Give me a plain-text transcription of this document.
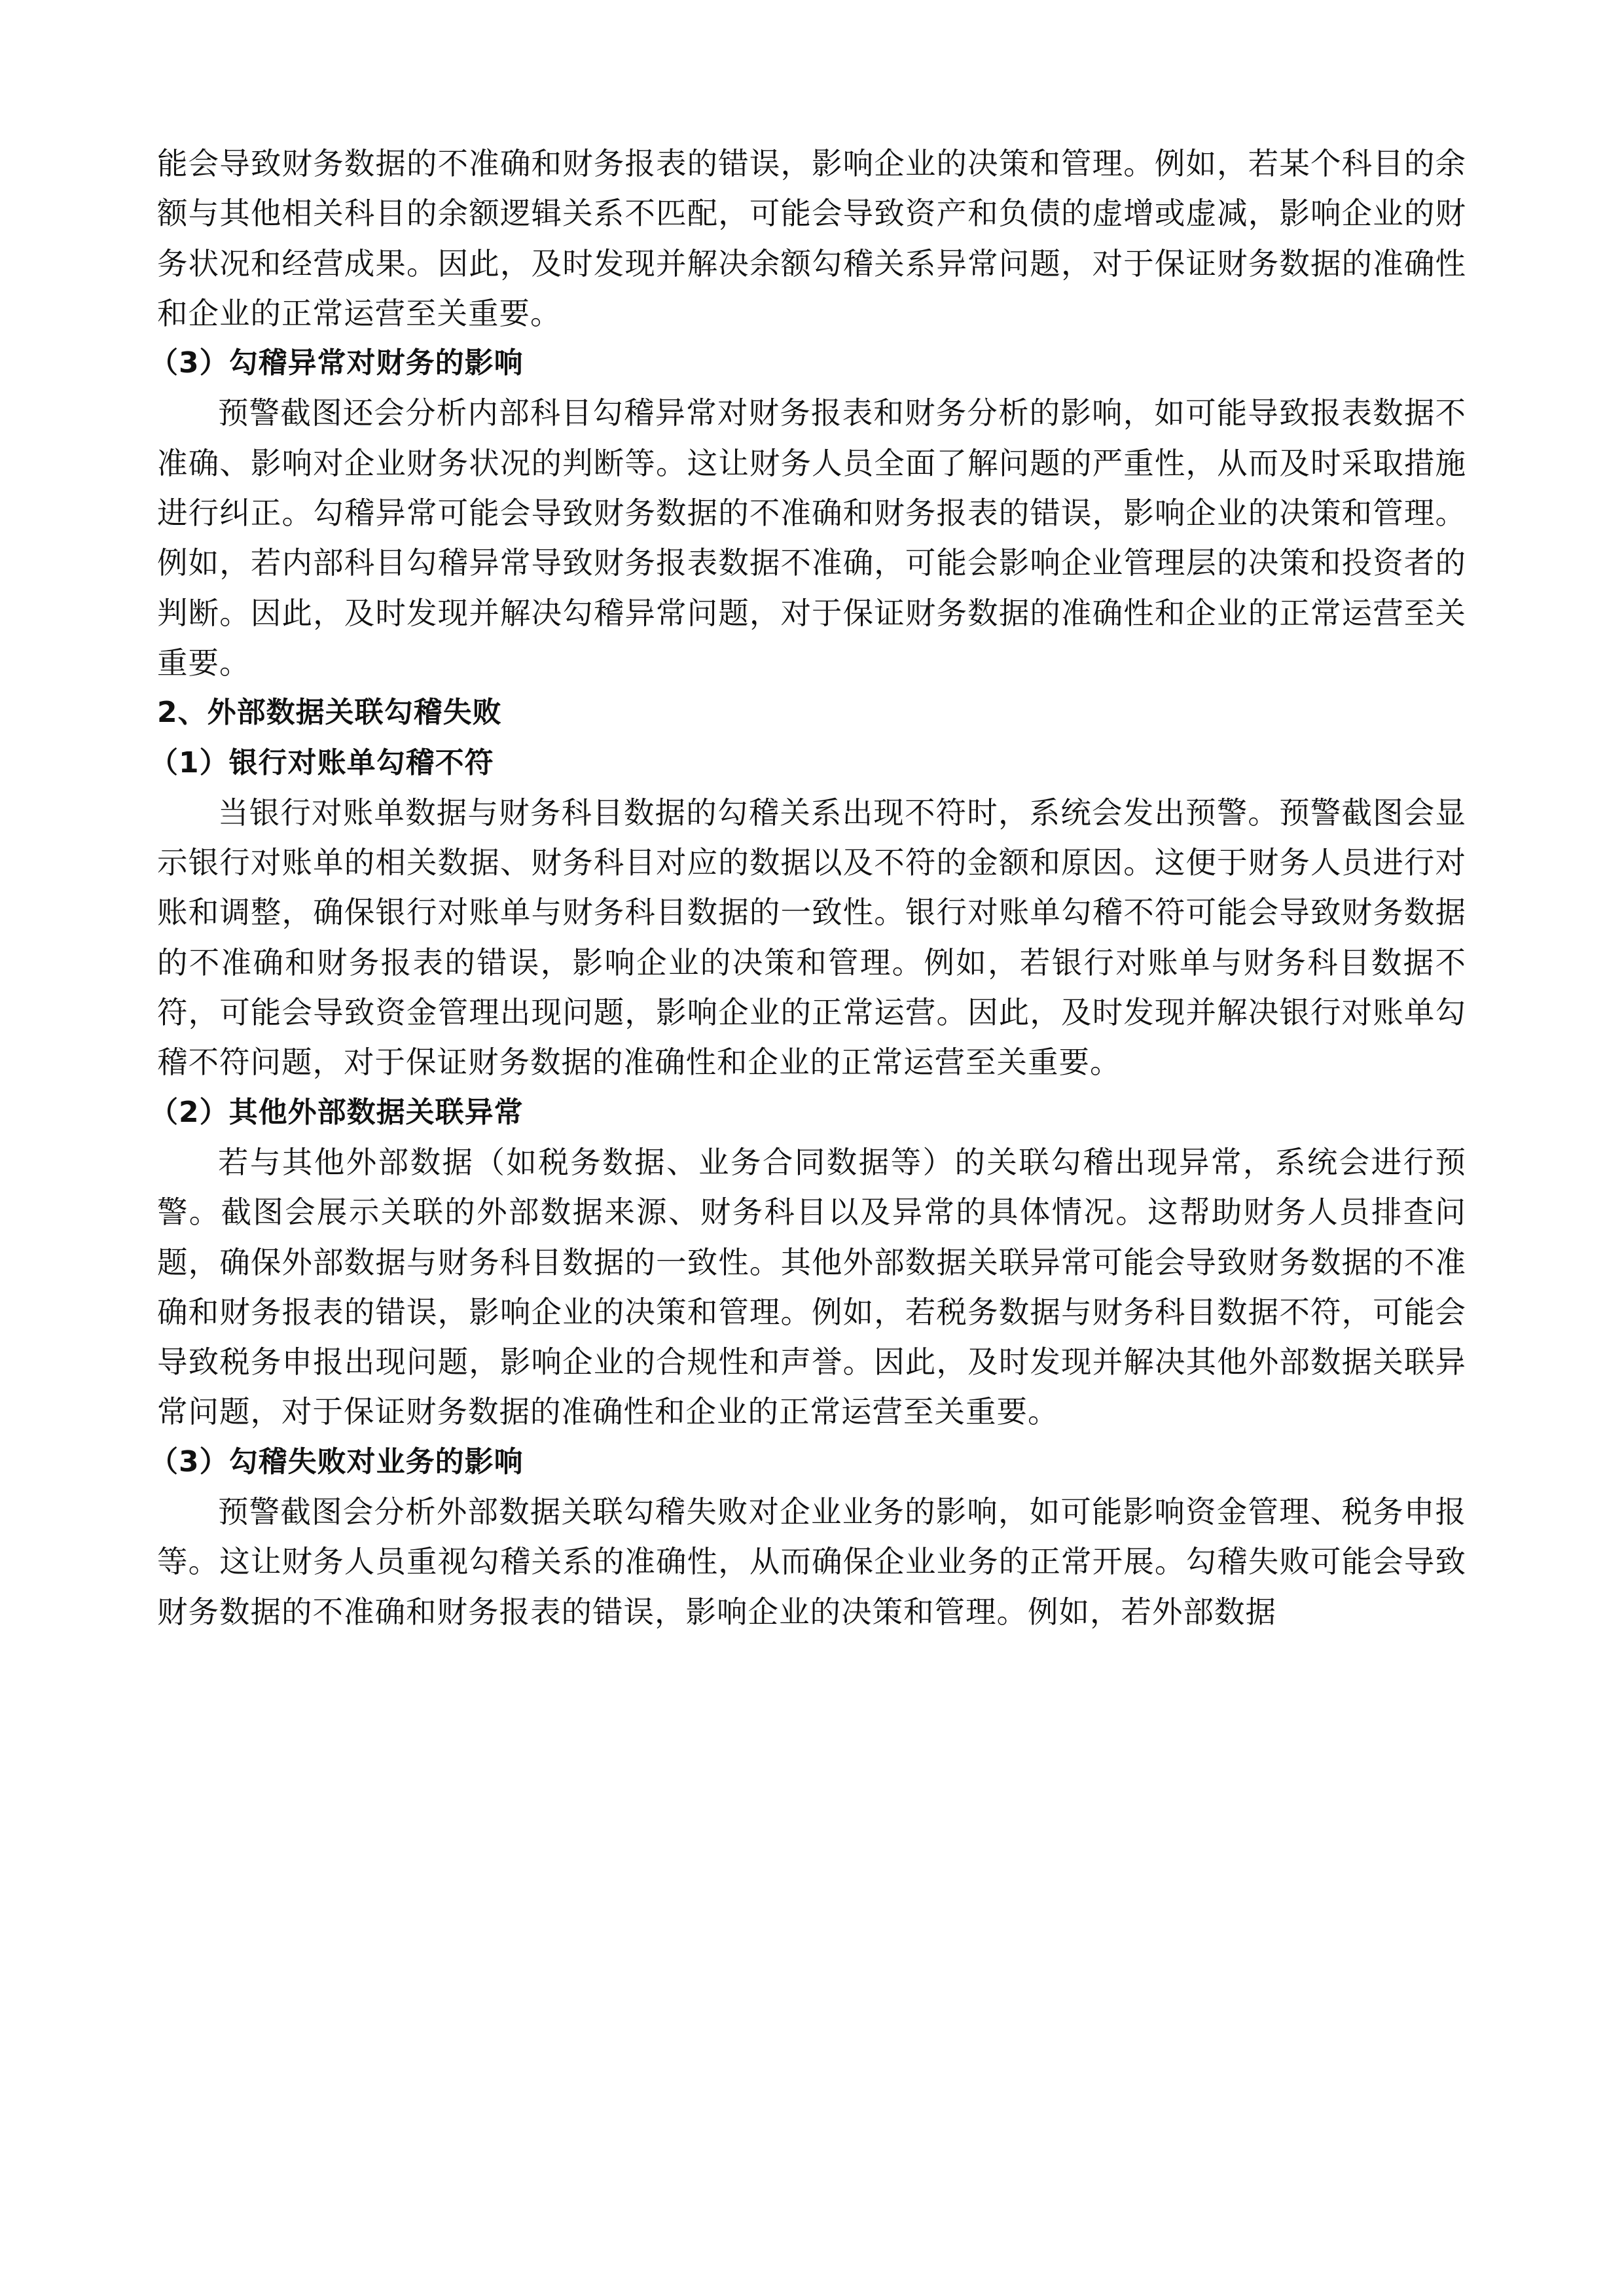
能会导致财务数据的不准确和财务报表的错误，影响企业的决策和管理。例如，若某个科目的余额与其他相关科目的余额逻辑关系不匹配，可能会导致资产和负债的虚增或虚减，影响企业的财务状况和经营成果。因此，及时发现并解决余额勾稽关系异常问题，对于保证财务数据的准确性和企业的正常运营至关重要。

（3）勾稽异常对财务的影响

预警截图还会分析内部科目勾稽异常对财务报表和财务分析的影响，如可能导致报表数据不准确、影响对企业财务状况的判断等。这让财务人员全面了解问题的严重性，从而及时采取措施进行纠正。勾稽异常可能会导致财务数据的不准确和财务报表的错误，影响企业的决策和管理。例如，若内部科目勾稽异常导致财务报表数据不准确，可能会影响企业管理层的决策和投资者的判断。因此，及时发现并解决勾稽异常问题，对于保证财务数据的准确性和企业的正常运营至关重要。

2、外部数据关联勾稽失败

（1）银行对账单勾稽不符

当银行对账单数据与财务科目数据的勾稽关系出现不符时，系统会发出预警。预警截图会显示银行对账单的相关数据、财务科目对应的数据以及不符的金额和原因。这便于财务人员进行对账和调整，确保银行对账单与财务科目数据的一致性。银行对账单勾稽不符可能会导致财务数据的不准确和财务报表的错误，影响企业的决策和管理。例如，若银行对账单与财务科目数据不符，可能会导致资金管理出现问题，影响企业的正常运营。因此，及时发现并解决银行对账单勾稽不符问题，对于保证财务数据的准确性和企业的正常运营至关重要。

（2）其他外部数据关联异常

若与其他外部数据（如税务数据、业务合同数据等）的关联勾稽出现异常，系统会进行预警。截图会展示关联的外部数据来源、财务科目以及异常的具体情况。这帮助财务人员排查问题，确保外部数据与财务科目数据的一致性。其他外部数据关联异常可能会导致财务数据的不准确和财务报表的错误，影响企业的决策和管理。例如，若税务数据与财务科目数据不符，可能会导致税务申报出现问题，影响企业的合规性和声誉。因此，及时发现并解决其他外部数据关联异常问题，对于保证财务数据的准确性和企业的正常运营至关重要。

（3）勾稽失败对业务的影响

预警截图会分析外部数据关联勾稽失败对企业业务的影响，如可能影响资金管理、税务申报等。这让财务人员重视勾稽关系的准确性，从而确保企业业务的正常开展。勾稽失败可能会导致财务数据的不准确和财务报表的错误，影响企业的决策和管理。例如，若外部数据
